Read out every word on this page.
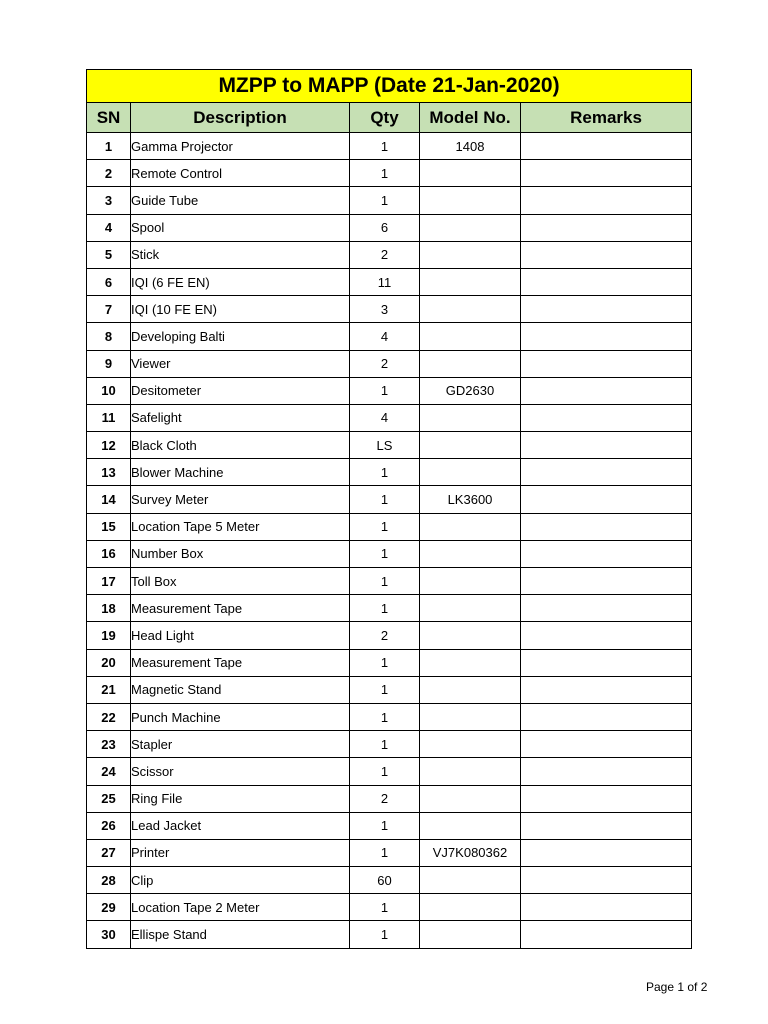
MZPP to MAPP (Date 21-Jan-2020)				
SN	Description	Qty	Model No.	Remarks
1	Gamma Projector	1	1408	
2	Remote Control	1		
3	Guide Tube	1		
4	Spool	6		
5	Stick	2		
6	IQI (6 FE EN)	11		
7	IQI (10 FE EN)	3		
8	Developing Balti	4		
9	Viewer	2		
10	Desitometer	1	GD2630	
11	Safelight	4		
12	Black Cloth	LS		
13	Blower Machine	1		
14	Survey Meter	1	LK3600	
15	Location Tape 5 Meter	1		
16	Number Box	1		
17	Toll Box	1		
18	Measurement Tape	1		
19	Head Light	2		
20	Measurement Tape	1		
21	Magnetic Stand	1		
22	Punch Machine	1		
23	Stapler	1		
24	Scissor	1		
25	Ring File	2		
26	Lead Jacket	1		
27	Printer	1	VJ7K080362	
28	Clip	60		
29	Location Tape 2 Meter	1		
30	Ellispe Stand	1		
Page 1 of 2
